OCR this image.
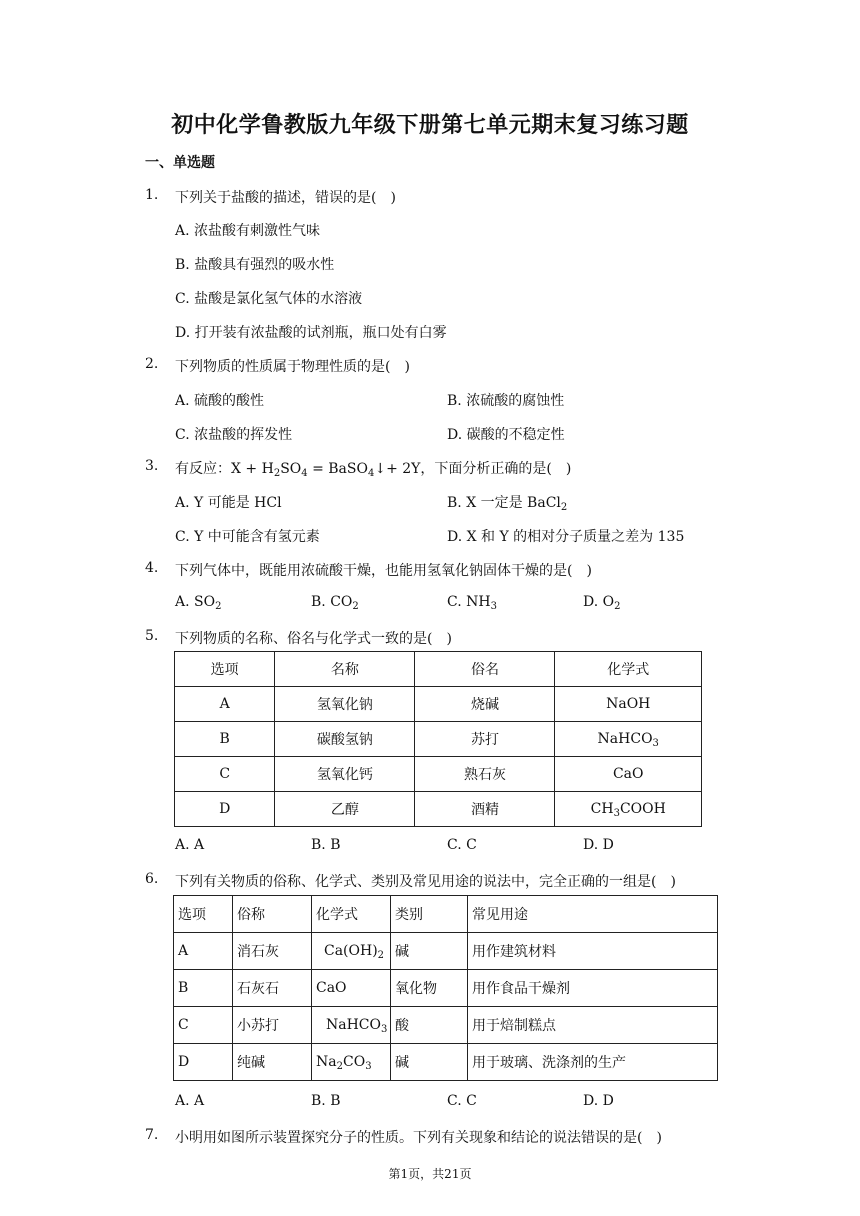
初中化学鲁教版九年级下册第七单元期末复习练习题
一、单选题
1. 下列关于盐酸的描述，错误的是(　)
A. 浓盐酸有刺激性气味
B. 盐酸具有强烈的吸水性
C. 盐酸是氯化氢气体的水溶液
D. 打开装有浓盐酸的试剂瓶，瓶口处有白雾
2. 下列物质的性质属于物理性质的是(　)
A. 硫酸的酸性	B. 浓硫酸的腐蚀性
C. 浓盐酸的挥发性	D. 碳酸的不稳定性
3. 有反应：$X + H_2SO_4$ = BaSO$_4$↓+ 2Y，下面分析正确的是(　)
A. Y 可能是 HCl	B. X 一定是 BaCl$_2$
C. Y 中可能含有氢元素	D. X 和 Y 的相对分子质量之差为 135
4. 下列气体中，既能用浓硫酸干燥，也能用氢氧化钠固体干燥的是(　)
A. $SO_2$	B. $CO_2$	C. $NH_3$	D. $O_2$
5. 下列物质的名称、俗名与化学式一致的是(　)
选项	名称	俗名	化学式
A	氢氧化钠	烧碱	NaOH
B	碳酸氢钠	苏打	NaHCO$_3$
C	氢氧化钙	熟石灰	CaO
D	乙醇	酒精	$CH_3COOH$
A. A	B. B	C. C	D. D
6. 下列有关物质的俗称、化学式、类别及常见用途的说法中，完全正确的一组是(　)
选项	俗称	化学式	类别	常见用途
A	消石灰	$Ca(OH)_2$	碱	用作建筑材料
B	石灰石	CaO	氧化物	用作食品干燥剂
C	小苏打	NaHCO$_3$	酸	用于焙制糕点
D	纯碱	$Na_2CO_3$	碱	用于玻璃、洗涤剂的生产
A. A	B. B	C. C	D. D
7. 小明用如图所示装置探究分子的性质。下列有关现象和结论的说法错误的是(　)
第1页，共21页
